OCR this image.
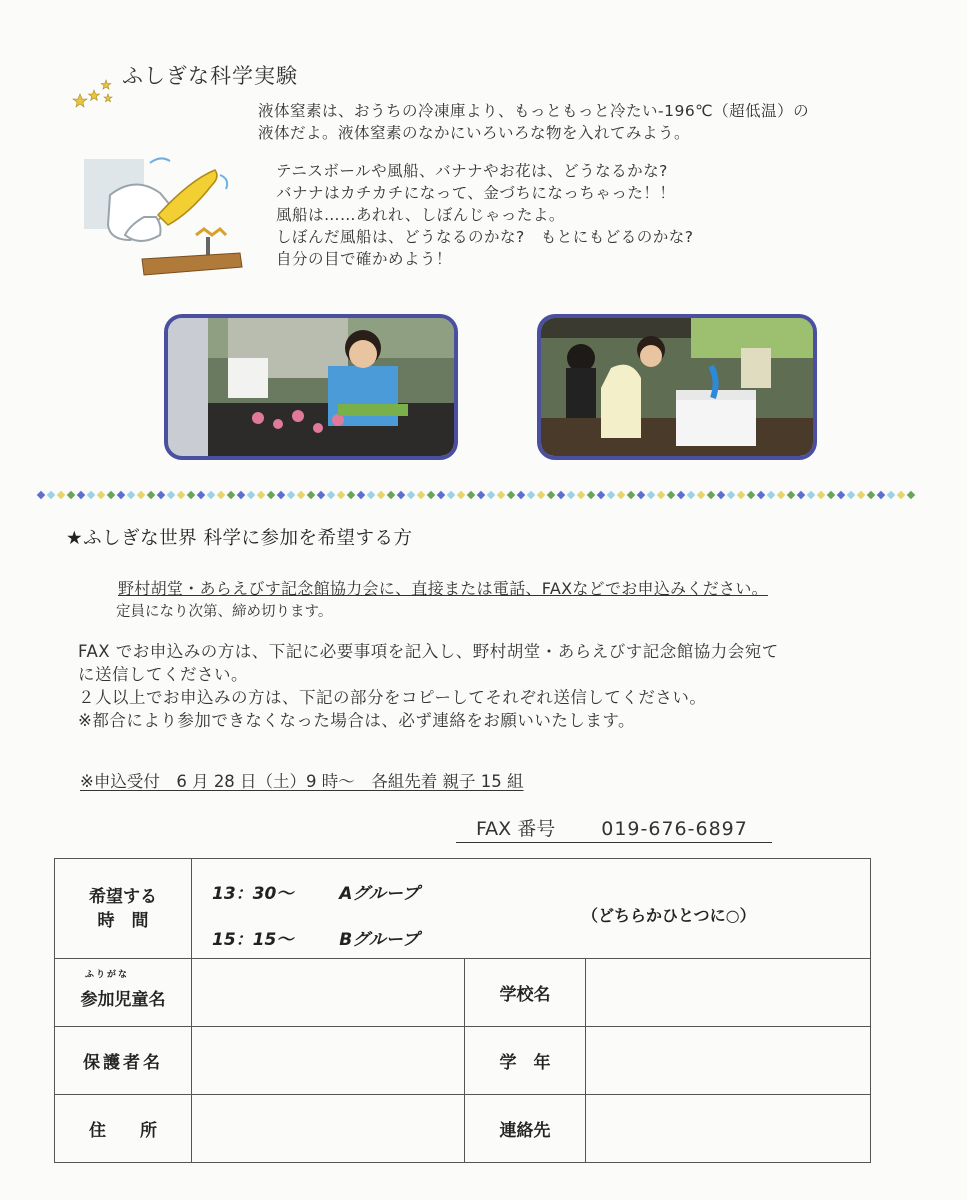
ふしぎな科学実験
液体窒素は、おうちの冷凍庫より、もっともっと冷たい-196℃（超低温）の
液体だよ。液体窒素のなかにいろいろな物を入れてみよう。
テニスボールや風船、バナナやお花は、どうなるかな?
バナナはカチカチになって、金づちになっちゃった！！
風船は……あれれ、しぼんじゃったよ。
しぼんだ風船は、どうなるのかな?　もとにもどるのかな?
自分の目で確かめよう！
★ふしぎな世界 科学に参加を希望する方
野村胡堂・あらえびす記念館協力会に、直接または電話、FAXなどでお申込みください。
定員になり次第、締め切ります。
FAX でお申込みの方は、下記に必要事項を記入し、野村胡堂・あらえびす記念館協力会宛て
に送信してください。
２人以上でお申込みの方は、下記の部分をコピーしてそれぞれ送信してください。
※都合により参加できなくなった場合は、必ず連絡をお願いいたします。
※申込受付　6 月 28 日（土）9 時～　各組先着 親子 15 組
FAX 番号 019-676-6897
希望する時　間	13：30～ Aグループ
15：15～ Bグループ
（どちらかひとつに○）		

ふりがな
参加児童名		学校名	
保護者名		学　年	
住　　所		連絡先	
